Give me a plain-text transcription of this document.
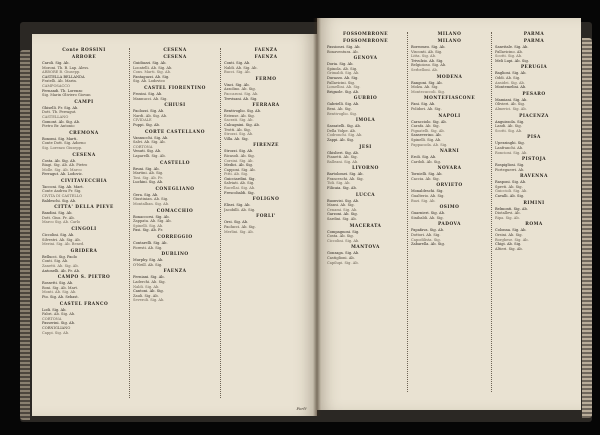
Conte ROSSINI
ARBORE
Caroli. Sig. Ab.
Moroni. Tb. B. Lap. Aless.
ARBORE B. Giusepp.
CASTELLA BELLANDA
Fratelli. Ab. Marin.
CAMPOSACCO
Fernandi. Tb. Lorenzo
Sig. Marin Oliviero Giovan
CAMPI
Ghiselli. Fr. Sig. Ab.
Dott. Tb. Ferragut.
CASTELLANO
Gomont. Ab. Sig. Ab.
Pietro Br. Antonio
CREMONA
Bonomi. Sig. Marti.
Conte Dott. Sig. Adorno
Sig. Lorenzo Giusepp.
CESENA
Costa. Ab. Sig. Ab.
Biagi. Sig. Ab. Ab. Pietro
Molle. Sig. Ab. Marco
Ferragut. Ab. Lodovic.
CIVITAVECCHIA
Tacconi. Sig. Ab. Mart.
Conte Andrea Fr. Sig.
CIVITA DI CASTELLO
Baldeschi. Sig. Ab.
CITTA' DELLA PIEVE
Bandini. Sig. Ab.
Dott. Gius. Fr. Ab.
Marco Sig. Ab. Carlo
CINGOLI
Ciccolini. Sig. Ab.
Silvestri. Ab. Sig. Ab.
Merini. Sig. Ab. Bened.
GRIDERA
Bellucci. Sig. Paolo
Conti. Sig. Ab.
Zanetti. Ab. Sig. Ab.
Antonelli. Ab. Fr. Ab.
CAMPO S. PIETRO
Rossetti. Sig. Ab.
Boni. Sig. Ab. Mart.
Monti. Ab. Sig. Ab.
Pio. Sig. Ab. Sebast.
CASTEL FRANCO
Lodi. Sig. Ab.
Fabri. Ab. Sig. Ab.
CORTONA
Passerini. Sig. Ab.
CORNIGLIANO
Cappi. Sig. Ab.
CESENA
CESENA
Guidiuzzi. Sig. Ab.
Locatelli. Ab. Sig. Ab.
Cons. Marti. Sig. Ab.
Fantaguzzi. Ab. Sig.
Sig. Ab. Lodovico
CASTEL FIORENTINO
Frosini. Sig. Ab.
Mannucci. Ab. Sig.
CHIUSI
Paolozzi. Sig. Ab.
Nardi. Ab. Sig. Ab.
CIVIDALE
Puppi. Sig. Ab.
CORTE CASTELLANO
Vannucchi. Sig. Ab.
Salvi. Ab. Sig. Ab.
CORTONA
Venuti. Sig. Ab.
Laparelli. Sig. Ab.
CASTELLO
Bruni. Sig. Ab.
Martini. Ab. Sig.
Tosi. Sig. Ab. Fr.
Luchini. Sig. Ab.
CONEGLIANO
Gera. Sig. Ab.
Giustinian. Ab. Sig.
Montalban. Sig. Ab.
COMACCHIO
Bonaccorsi. Sig. Ab.
Zappata. Ab. Sig. Ab.
Spinelli. Sig. Ab.
Pasi. Sig. Ab. Fr.
CORREGGIO
Contarelli. Sig. Ab.
Foresti. Ab. Sig.
DUBLINO
Murphy. Sig. Ab.
O'Neill. Ab. Sig.
FAENZA
Ferniani. Sig. Ab.
Laderchi. Ab. Sig.
Naldi. Sig. Ab.
Cantoni. Ab. Sig.
Zauli. Sig. Ab.
Severoli. Sig. Ab.
FAENZA
FAENZA
Conti. Sig. Ab.
Naldi. Ab. Sig. Ab.
Bucci. Sig. Ab.
FERMO
Vinci. Sig. Ab.
Azzolino. Ab. Sig.
Paccaroni. Sig. Ab.
Trevisani. Ab. Sig.
FERRARA
Bentivoglio. Sig. Ab.
Estense. Ab. Sig.
Sacrati. Sig. Ab.
Calcagnini. Sig. Ab.
Trotti. Ab. Sig.
Strozzi. Sig. Ab.
Villa. Ab. Sig.
FIRENZE
Strozzi. Sig. Ab.
Ricasoli. Ab. Sig.
Corsini. Sig. Ab.
Medici. Ab. Sig.
Capponi. Sig. Ab.
Pitti. Ab. Sig.
Guicciardini. Sig.
Salviati. Ab. Sig.
Rucellai. Sig. Ab.
Frescobaldi. Sig.
FOLIGNO
Elisei. Sig. Ab.
Jacobilli. Ab. Sig.
FORLI'
Orsi. Sig. Ab.
Paolucci. Ab. Sig.
Merlini. Sig. Ab.
Forli'
FOSSOMBRONE
FOSSOMBRONE
Passionei. Sig. Ab.
Bonaventura. Ab.
GENOVA
Doria. Sig. Ab.
Spinola. Ab. Sig.
Grimaldi. Sig. Ab.
Durazzo. Ab. Sig.
Pallavicini. Sig.
Lomellini. Ab. Sig.
Brignole. Sig. Ab.
GUBBIO
Gabrielli. Sig. Ab.
Beni. Ab. Sig.
Bentivoglio. Sig.
IMOLA
Sassatelli. Sig. Ab.
Della Volpe. Ab.
Codronchi. Sig. Ab.
Zappi. Ab. Sig.
JESI
Ghislieri. Sig. Ab.
Pianetti. Ab. Sig.
Balleani. Sig. Ab.
LIVORNO
Bartolomei. Sig. Ab.
Franceschi. Ab. Sig.
Tidi. Sig. Ab.
Filicaia. Sig. Ab.
LUCCA
Buonvisi. Sig. Ab.
Mansi. Ab. Sig.
Cenami. Sig. Ab.
Garzoni. Ab. Sig.
Sardini. Sig. Ab.
MACERATA
Compagnoni. Sig.
Costa. Ab. Sig.
Ciccolini. Sig. Ab.
MANTOVA
Gonzaga. Sig. Ab.
Castiglioni. Ab.
Capilupi. Sig. Ab.
MILANO
MILANO
Borromeo. Sig. Ab.
Visconti. Ab. Sig.
Litta. Sig. Ab.
Trivulzio. Ab. Sig.
Belgioioso. Sig. Ab.
Serbelloni. Ab.
MODENA
Rangoni. Sig. Ab.
Molza. Ab. Sig.
Montecuccoli. Sig.
MONTEFIASCONE
Fani. Sig. Ab.
Polidori. Ab. Sig.
NAPOLI
Caracciolo. Sig. Ab.
Carafa. Ab. Sig.
Pignatelli. Sig. Ab.
Sanseverino. Ab.
Spinelli. Sig. Ab.
Pappacoda. Ab. Sig.
NARNI
Eroli. Sig. Ab.
Cardoli. Ab. Sig.
NOVARA
Tornielli. Sig. Ab.
Caccia. Ab. Sig.
ORVIETO
Monaldeschi. Sig.
Gualterio. Ab. Sig.
Buzi. Sig. Ab.
OSIMO
Guarnieri. Sig. Ab.
Sinibaldi. Ab. Sig.
PADOVA
Papafava. Sig. Ab.
Dottori. Ab. Sig.
Capodilista. Sig.
Zabarella. Ab. Sig.
PARMA
PARMA
Sanvitale. Sig. Ab.
Pallavicino. Ab.
Scotti. Sig. Ab.
Meli Lupi. Ab. Sig.
PERUGIA
Baglioni. Sig. Ab.
Oddi. Ab. Sig.
Ansidei. Sig. Ab.
Montemelini. Ab.
PESARO
Mamiani. Sig. Ab.
Olivieri. Ab. Sig.
Almerici. Sig. Ab.
PIACENZA
Anguissola. Sig.
Landi. Ab. Sig.
Scotti. Sig. Ab.
PISA
Upezzinghi. Sig.
Lanfranchi. Ab.
Roncioni. Sig. Ab.
PISTOJA
Rospigliosi. Sig.
Forteguerri. Ab.
RAVENNA
Rasponi. Sig. Ab.
Spreti. Ab. Sig.
Guiccioli. Sig. Ab.
Cavalli. Ab. Sig.
RIMINI
Belmonti. Sig. Ab.
Diotallevi. Ab.
Ripa. Sig. Ab.
ROMA
Colonna. Sig. Ab.
Orsini. Ab. Sig.
Borghese. Sig. Ab.
Chigi. Ab. Sig.
Altieri. Sig. Ab.
